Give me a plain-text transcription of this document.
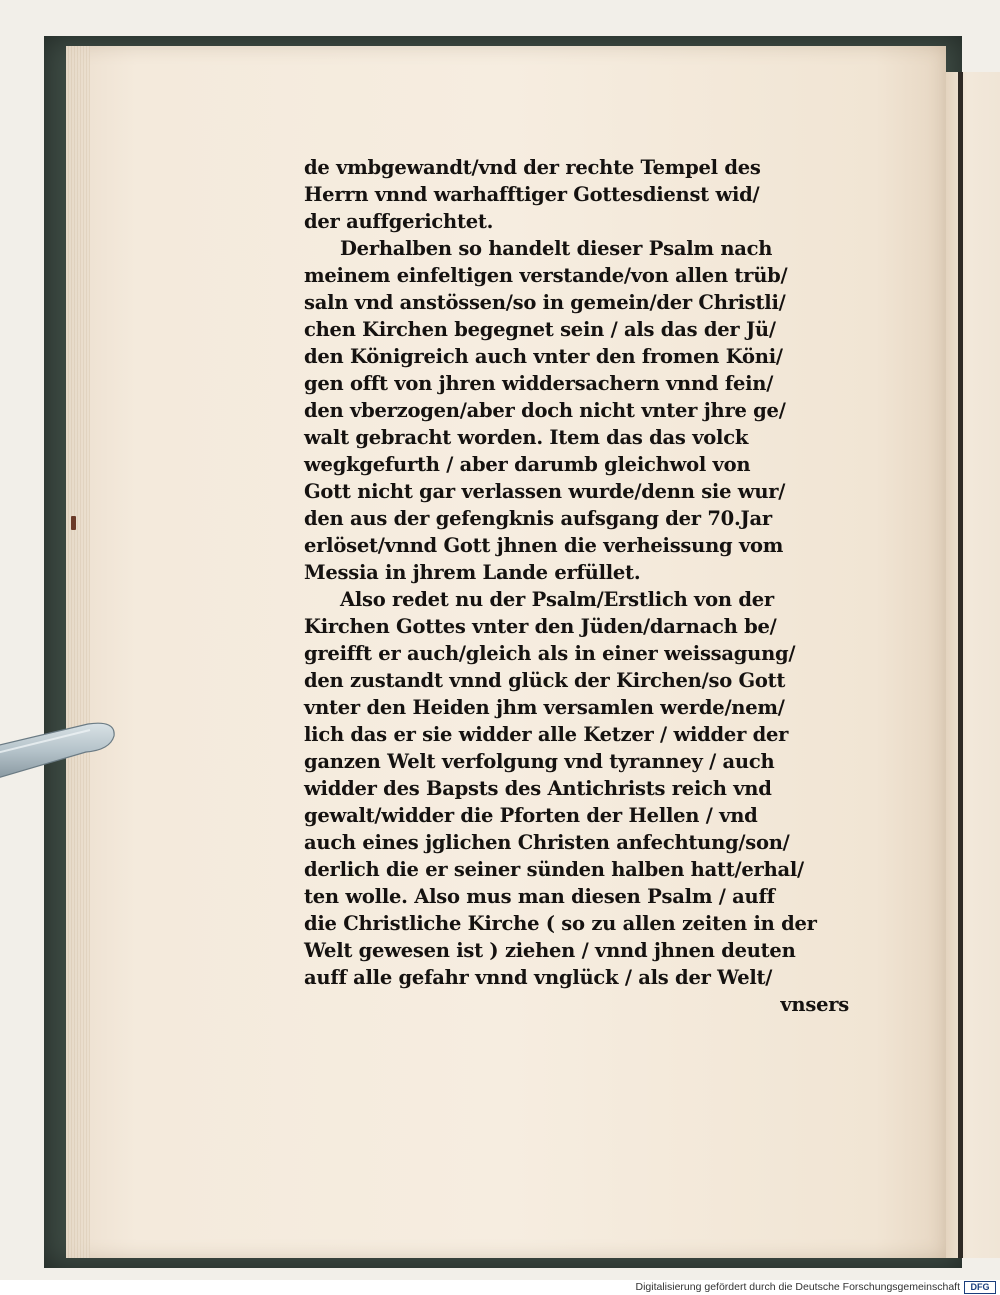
de vmbgewandt/vnd der rechte Tempel des
Herrn vnnd warhafftiger Gottesdienst wid/
der auffgerichtet.
Derhalben so handelt dieser Psalm nach
meinem einfeltigen verstande/von allen trüb/
saln vnd anstössen/so in gemein/der Christli/
chen Kirchen begegnet sein / als das der Jü/
den Königreich auch vnter den fromen Köni/
gen offt von jhren widdersachern vnnd fein/
den vberzogen/aber doch nicht vnter jhre ge/
walt gebracht worden. Item das das volck
wegkgefurth / aber darumb gleichwol von
Gott nicht gar verlassen wurde/denn sie wur/
den aus der gefengknis aufsgang der 70.Jar
erlöset/vnnd Gott jhnen die verheissung vom
Messia in jhrem Lande erfüllet.
Also redet nu der Psalm/Erstlich von der
Kirchen Gottes vnter den Jüden/darnach be/
greifft er auch/gleich als in einer weissagung/
den zustandt vnnd glück der Kirchen/so Gott
vnter den Heiden jhm versamlen werde/nem/
lich das er sie widder alle Ketzer / widder der
ganzen Welt verfolgung vnd tyranney / auch
widder des Bapsts des Antichrists reich vnd
gewalt/widder die Pforten der Hellen / vnd
auch eines jglichen Christen anfechtung/son/
derlich die er seiner sünden halben hatt/erhal/
ten wolle. Also mus man diesen Psalm / auff
die Christliche Kirche ( so zu allen zeiten in der
Welt gewesen ist ) ziehen / vnnd jhnen deuten
auff alle gefahr vnnd vnglück / als der Welt/
vnsers
Digitalisierung gefördert durch die Deutsche Forschungsgemeinschaft	DFG
